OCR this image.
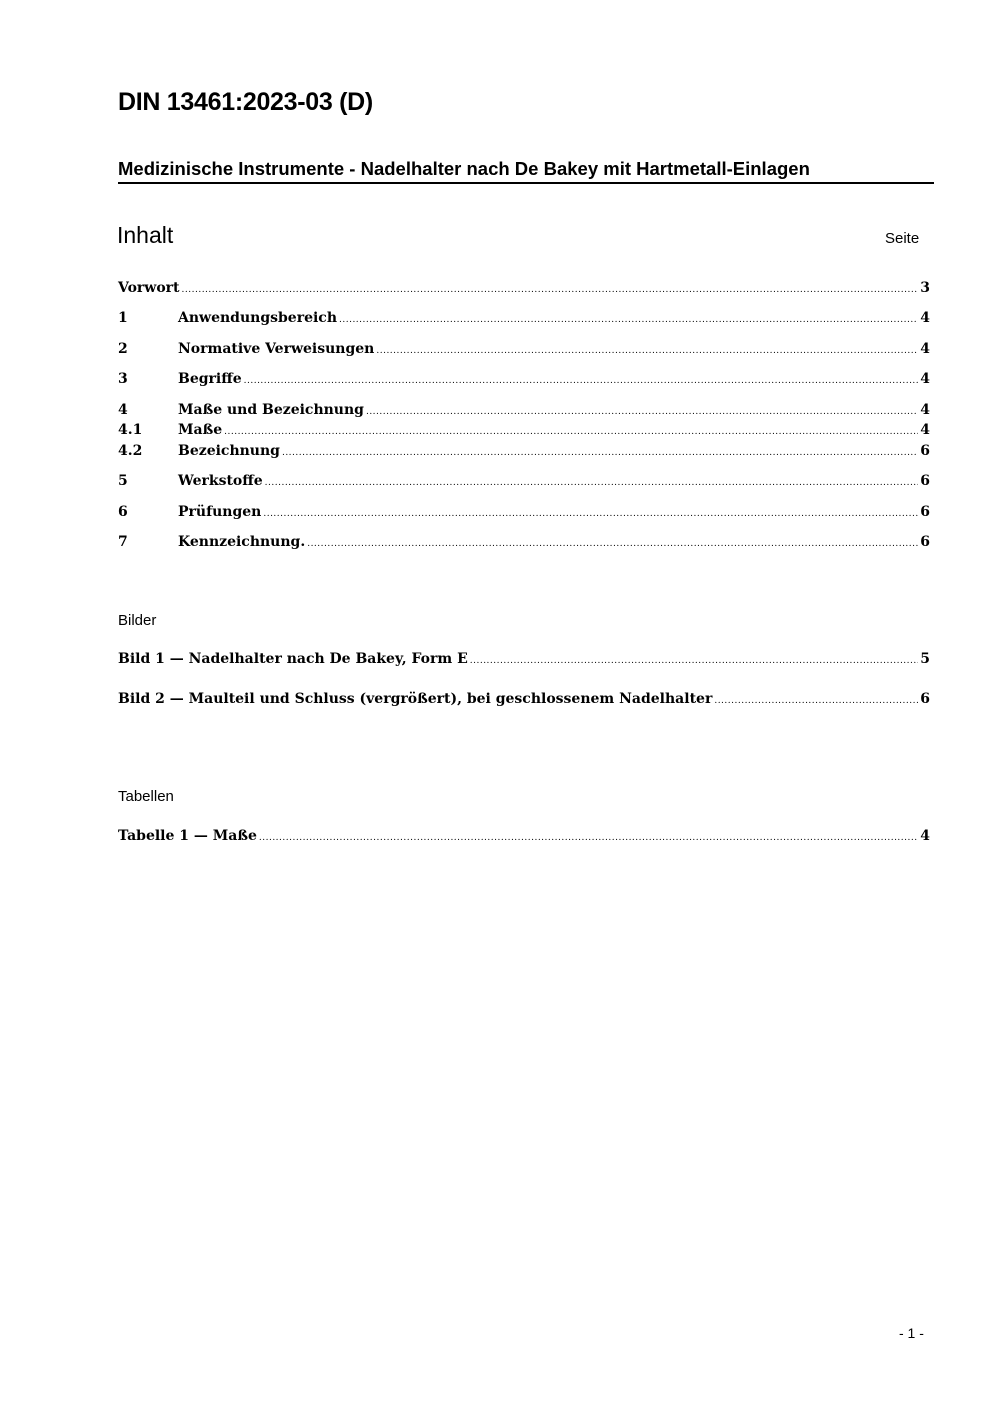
DIN 13461:2023-03 (D)
Medizinische Instrumente - Nadelhalter nach De Bakey mit Hartmetall-Einlagen
Inhalt	Seite
Vorwort .....	3
1	Anwendungsbereich .....	4
2	Normative Verweisungen .....	4
3	Begriffe .....	4
4	Maße und Bezeichnung .....	4
4.1	Maße .....	4
4.2	Bezeichnung .....	6
5	Werkstoffe .....	6
6	Prüfungen .....	6
7	Kennzeichnung. .....	6
Bilder
Bild 1 — Nadelhalter nach De Bakey, Form E .....	5
Bild 2 — Maulteil und Schluss (vergrößert), bei geschlossenem Nadelhalter .....	6
Tabellen
Tabelle 1 — Maße .....	4
- 1 -
